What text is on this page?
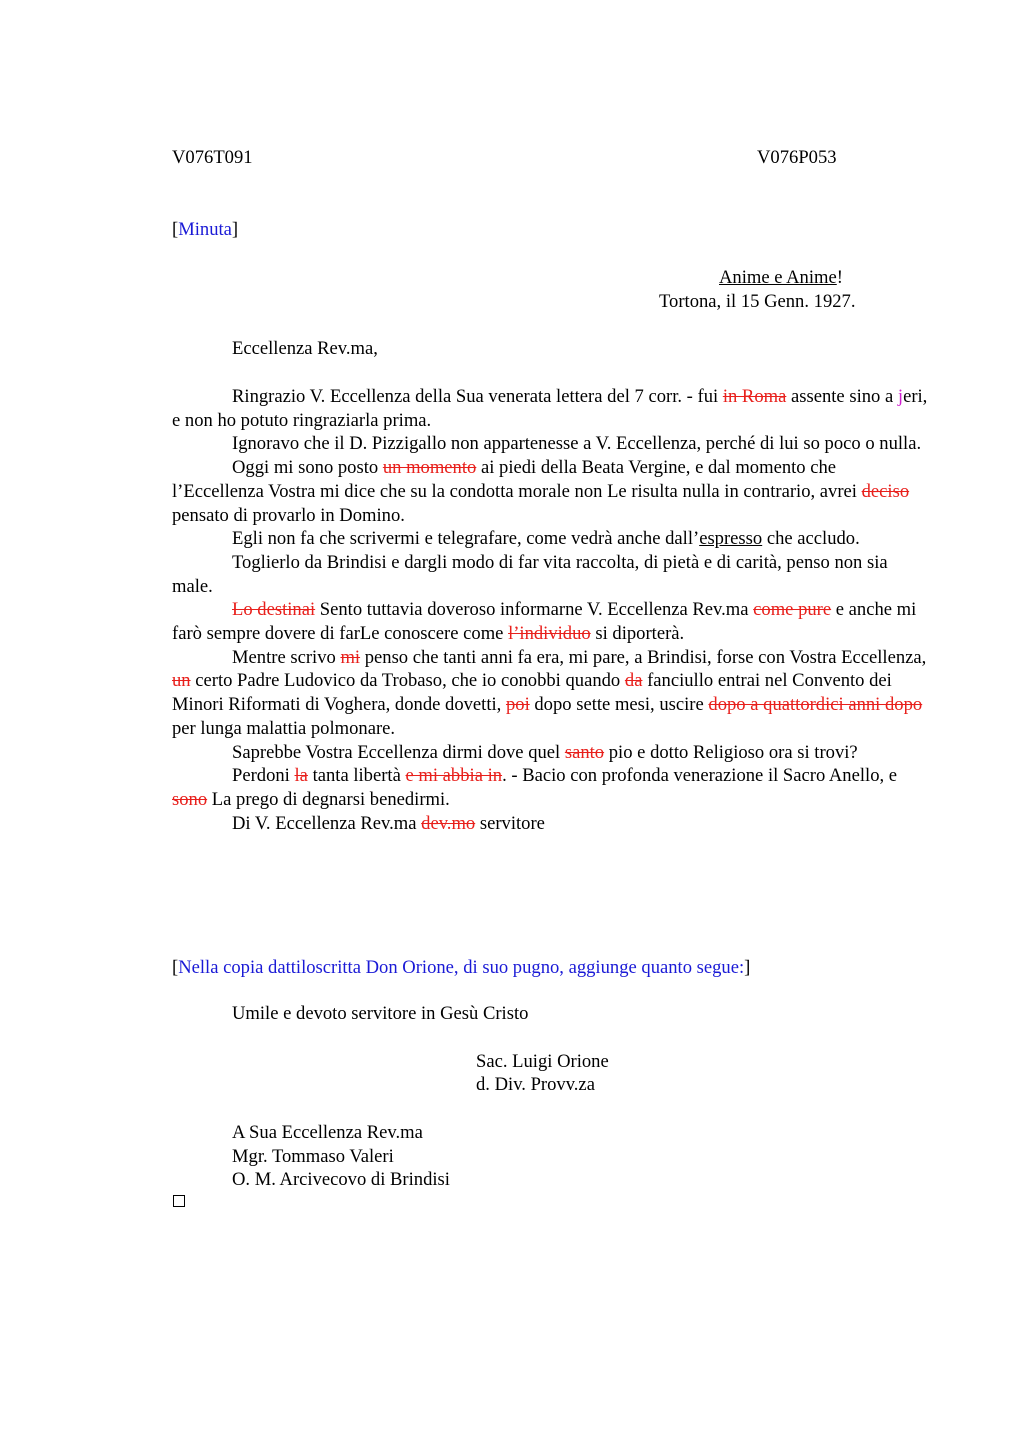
V076T091	V076P053
[Minuta]
Anime e Anime!
Tortona, il 15 Genn. 1927.
Eccellenza Rev.ma,

Ringrazio V. Eccellenza della Sua venerata lettera del 7 corr. - fui in Roma assente sino a jeri, e non ho potuto ringraziarla prima.

Ignoravo che il D. Pizzigallo non appartenesse a V. Eccellenza, perché di lui so poco o nulla.

Oggi mi sono posto un momento ai piedi della Beata Vergine, e dal momento che l’Eccellenza Vostra mi dice che su la condotta morale non Le risulta nulla in contrario, avrei deciso pensato di provarlo in Domino.

Egli non fa che scrivermi e telegrafare, come vedrà anche dall’espresso che accludo.

Toglierlo da Brindisi e dargli modo di far vita raccolta, di pietà e di carità, penso non sia male.

Lo destinai Sento tuttavia doveroso informarne V. Eccellenza Rev.ma come pure e anche mi farò sempre dovere di farLe conoscere come l’individuo si diporterà.

Mentre scrivo mi penso che tanti anni fa era, mi pare, a Brindisi, forse con Vostra Eccellenza, un certo Padre Ludovico da Trobaso, che io conobbi quando da fanciullo entrai nel Convento dei Minori Riformati di Voghera, donde dovetti, poi dopo sette mesi, uscire dopo a quattordici anni dopo per lunga malattia polmonare.

Saprebbe Vostra Eccellenza dirmi dove quel santo pio e dotto Religioso ora si trovi?

Perdoni la tanta libertà e mi abbia in. - Bacio con profonda venerazione il Sacro Anello, e sono La prego di degnarsi benedirmi.

Di V. Eccellenza Rev.ma dev.mo servitore

[Nella copia dattiloscritta Don Orione, di suo pugno, aggiunge quanto segue:]
Umile e devoto servitore in Gesù Cristo
Sac. Luigi Orione
d. Div. Provv.za
A Sua Eccellenza Rev.ma
Mgr. Tommaso Valeri
O. M. Arcivecovo di Brindisi
